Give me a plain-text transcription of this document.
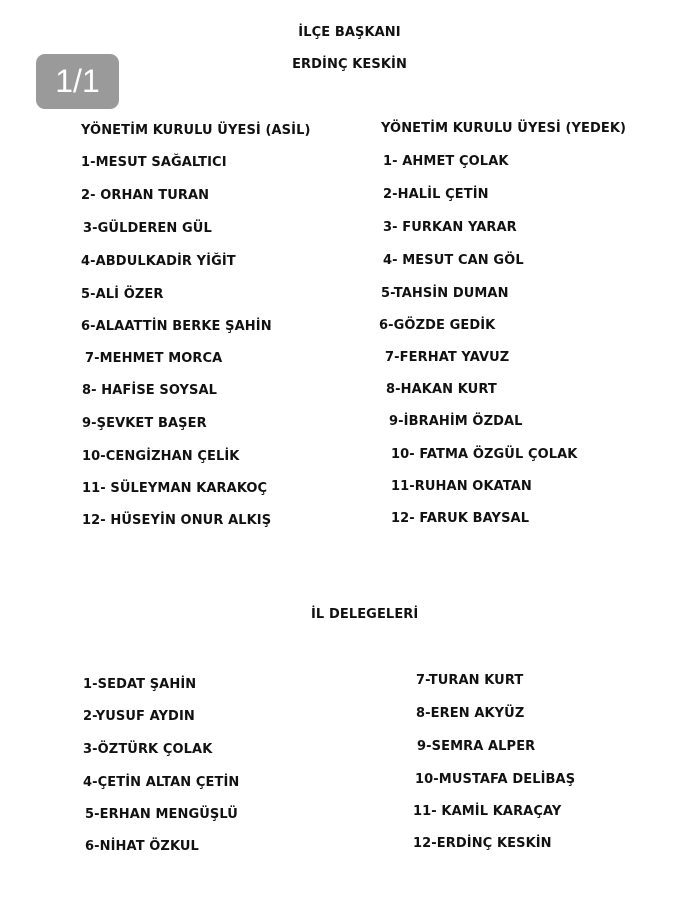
1/1
İLÇE BAŞKANI
ERDİNÇ KESKİN
YÖNETİM KURULU ÜYESİ (ASİL)	YÖNETİM KURULU ÜYESİ (YEDEK)
1-MESUT SAĞALTICI
2- ORHAN TURAN
3-GÜLDEREN GÜL
4-ABDULKADİR YİĞİT
5-ALİ ÖZER
6-ALAATTİN BERKE ŞAHİN
7-MEHMET MORCA
8- HAFİSE SOYSAL
9-ŞEVKET BAŞER
10-CENGİZHAN ÇELİK
11- SÜLEYMAN KARAKOÇ
12- HÜSEYİN ONUR ALKIŞ
1- AHMET ÇOLAK
2-HALİL ÇETİN
3- FURKAN YARAR
4- MESUT CAN GÖL
5-TAHSİN DUMAN
6-GÖZDE GEDİK
7-FERHAT YAVUZ
8-HAKAN KURT
9-İBRAHİM ÖZDAL
10- FATMA ÖZGÜL ÇOLAK
11-RUHAN OKATAN
12- FARUK BAYSAL
İL DELEGELERİ
1-SEDAT ŞAHİN
2-YUSUF AYDIN
3-ÖZTÜRK ÇOLAK
4-ÇETİN ALTAN ÇETİN
5-ERHAN MENGÜŞLÜ
6-NİHAT ÖZKUL
7-TURAN KURT
8-EREN AKYÜZ
9-SEMRA ALPER
10-MUSTAFA DELİBAŞ
11- KAMİL KARAÇAY
12-ERDİNÇ KESKİN
